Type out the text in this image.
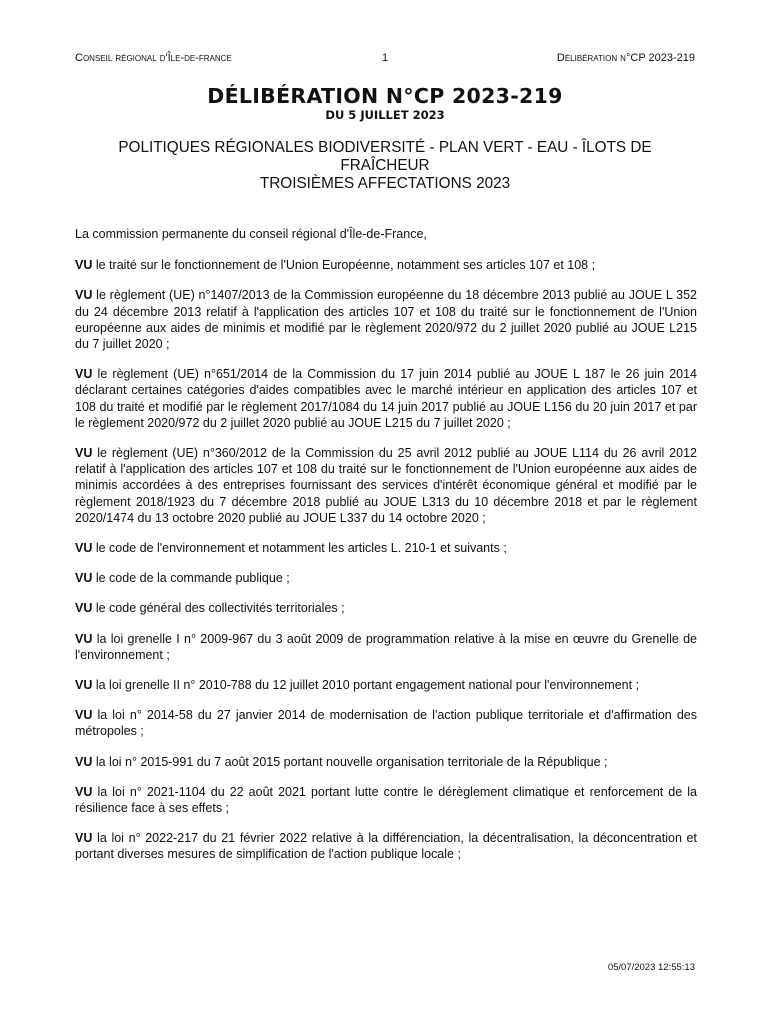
Conseil régional d'Île-de-france	1	Délibération n°CP 2023-219
DÉLIBÉRATION N°CP 2023-219
DU 5 JUILLET 2023
POLITIQUES RÉGIONALES BIODIVERSITÉ - PLAN VERT - EAU - ÎLOTS DE
FRAÎCHEUR
TROISIÈMES AFFECTATIONS 2023

La commission permanente du conseil régional d'Île-de-France,

VU le traité sur le fonctionnement de l'Union Européenne, notamment ses articles 107 et 108 ;

VU le règlement (UE) n°1407/2013 de la Commission européenne du 18 décembre 2013 publié au JOUE L 352 du 24 décembre 2013 relatif à l'application des articles 107 et 108 du traité sur le fonctionnement de l'Union européenne aux aides de minimis et modifié par le règlement 2020/972 du 2 juillet 2020 publié au JOUE L215 du 7 juillet 2020 ;

VU le règlement (UE) n°651/2014 de la Commission du 17 juin 2014 publié au JOUE L 187 le 26 juin 2014 déclarant certaines catégories d'aides compatibles avec le marché intérieur en application des articles 107 et 108 du traité et modifié par le règlement 2017/1084 du 14 juin 2017 publié au JOUE L156 du 20 juin 2017 et par le règlement 2020/972 du 2 juillet 2020 publié au JOUE L215 du 7 juillet 2020 ;

VU le règlement (UE) n°360/2012 de la Commission du 25 avril 2012 publié au JOUE L114 du 26 avril 2012 relatif à l'application des articles 107 et 108 du traité sur le fonctionnement de l'Union européenne aux aides de minimis accordées à des entreprises fournissant des services d'intérêt économique général et modifié par le règlement 2018/1923 du 7 décembre 2018 publié au JOUE L313 du 10 décembre 2018 et par le règlement 2020/1474 du 13 octobre 2020 publié au JOUE L337 du 14 octobre 2020 ;

VU le code de l'environnement et notamment les articles L. 210-1 et suivants ;

VU le code de la commande publique ;

VU le code général des collectivités territoriales ;

VU la loi grenelle I n° 2009-967 du 3 août 2009 de programmation relative à la mise en œuvre du Grenelle de l'environnement ;

VU la loi grenelle II n° 2010-788 du 12 juillet 2010 portant engagement national pour l'environnement ;

VU la loi n° 2014-58 du 27 janvier 2014 de modernisation de l'action publique territoriale et d'affirmation des métropoles ;

VU la loi n° 2015-991 du 7 août 2015 portant nouvelle organisation territoriale de la République ;

VU la loi n° 2021-1104 du 22 août 2021 portant lutte contre le dérèglement climatique et renforcement de la résilience face à ses effets ;

VU la loi n° 2022-217 du 21 février 2022 relative à la différenciation, la décentralisation, la déconcentration et portant diverses mesures de simplification de l'action publique locale ;

05/07/2023 12:55:13
